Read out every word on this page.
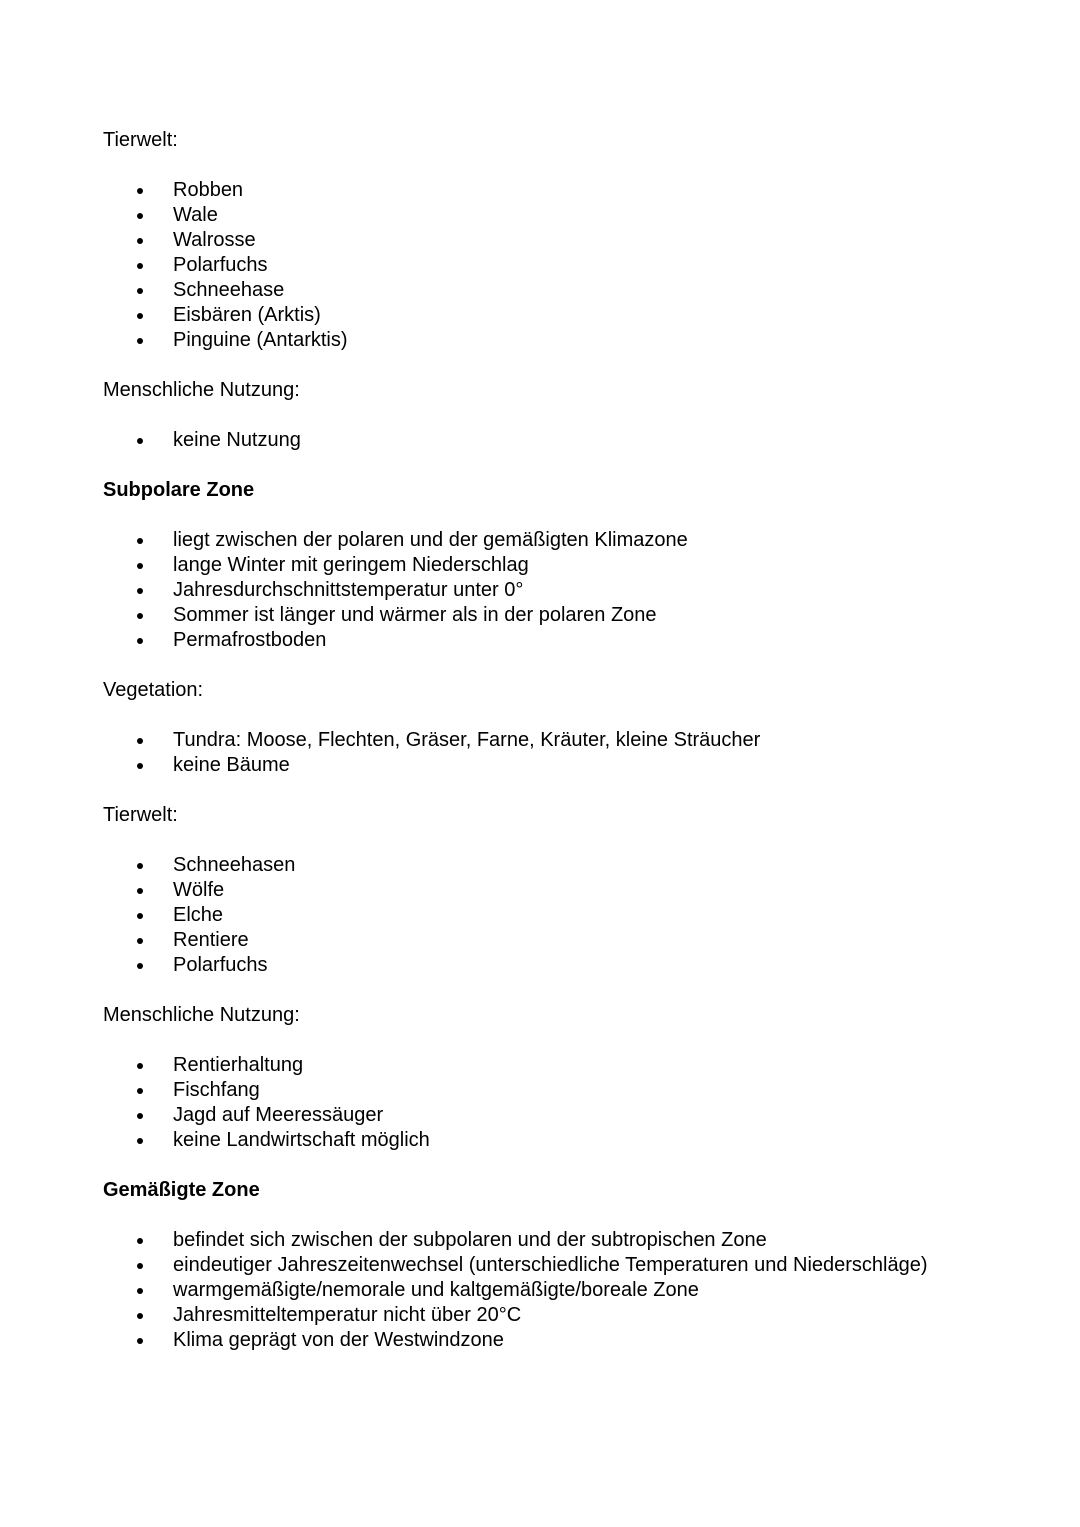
Tierwelt:

Robben
Wale
Walrosse
Polarfuchs
Schneehase
Eisbären (Arktis)
Pinguine (Antarktis)

Menschliche Nutzung:

keine Nutzung

Subpolare Zone

liegt zwischen der polaren und der gemäßigten Klimazone
lange Winter mit geringem Niederschlag
Jahresdurchschnittstemperatur unter 0°
Sommer ist länger und wärmer als in der polaren Zone
Permafrostboden

Vegetation:

Tundra: Moose, Flechten, Gräser, Farne, Kräuter, kleine Sträucher
keine Bäume

Tierwelt:

Schneehasen
Wölfe
Elche
Rentiere
Polarfuchs

Menschliche Nutzung:

Rentierhaltung
Fischfang
Jagd auf Meeressäuger
keine Landwirtschaft möglich

Gemäßigte Zone

befindet sich zwischen der subpolaren und der subtropischen Zone
eindeutiger Jahreszeitenwechsel (unterschiedliche Temperaturen und Niederschläge)
warmgemäßigte/nemorale und kaltgemäßigte/boreale Zone
Jahresmitteltemperatur nicht über 20°C
Klima geprägt von der Westwindzone
